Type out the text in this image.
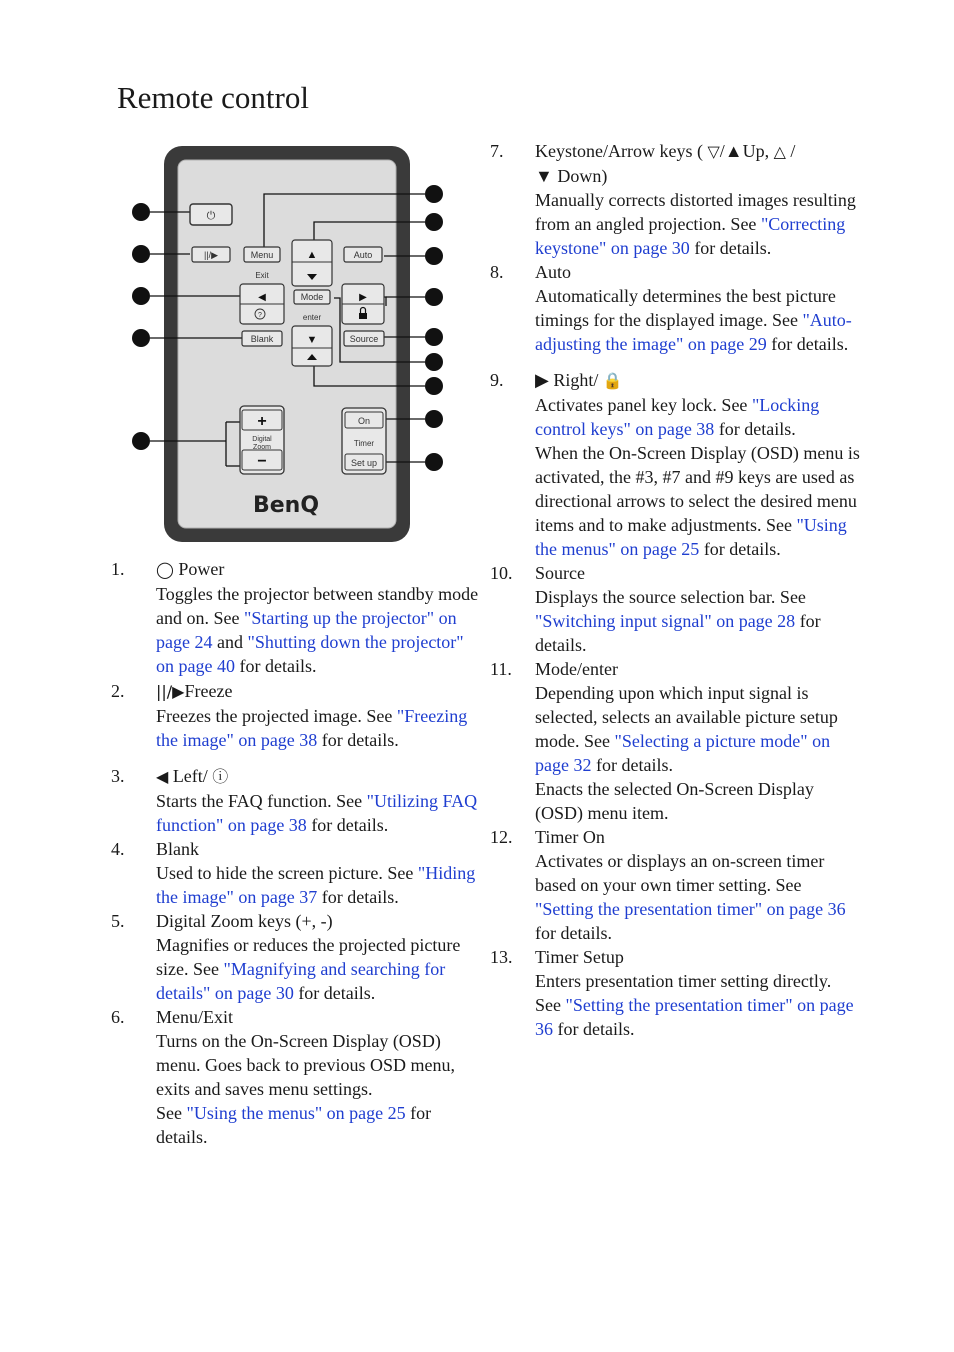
Remote control
⏻
||/▶	Menu
Exit
▲	Auto
◀
?
Mode
enter
▶
Blank	Source
▼
+
−
Digital
Zoom
On
Timer
Set up
BenQ
1. ◯ Power
Toggles the projector between standby mode and on. See "Starting up the projector" on page 24 and "Shutting down the projector" on page 40 for details.
2. ||/▶Freeze
Freezes the projected image. See "Freezing the image" on page 38 for details.
3. ◀ Left/ ⓘ
Starts the FAQ function. See "Utilizing FAQ function" on page 38 for details.
4. Blank
Used to hide the screen picture. See "Hiding the image" on page 37 for details.
5. Digital Zoom keys (+, -)
Magnifies or reduces the projected picture size. See "Magnifying and searching for details" on page 30 for details.
6. Menu/Exit
Turns on the On-Screen Display (OSD) menu. Goes back to previous OSD menu, exits and saves menu settings.
See "Using the menus" on page 25 for details.
7. Keystone/Arrow keys ( ▽/▲Up, △ /
▼ Down)
Manually corrects distorted images resulting from an angled projection. See "Correcting keystone" on page 30 for details.
8. Auto
Automatically determines the best picture timings for the displayed image. See "Auto-adjusting the image" on page 29 for details.
9. ▶ Right/ 🔒
Activates panel key lock. See "Locking control keys" on page 38 for details.
When the On-Screen Display (OSD) menu is activated, the #3, #7 and #9 keys are used as directional arrows to select the desired menu items and to make adjustments. See "Using the menus" on page 25 for details.
10. Source
Displays the source selection bar. See "Switching input signal" on page 28 for details.
11. Mode/enter
Depending upon which input signal is selected, selects an available picture setup mode. See "Selecting a picture mode" on page 32 for details.
Enacts the selected On-Screen Display (OSD) menu item.
12. Timer On
Activates or displays an on-screen timer based on your own timer setting. See "Setting the presentation timer" on page 36 for details.
13. Timer Setup
Enters presentation timer setting directly. See "Setting the presentation timer" on page 36 for details.
